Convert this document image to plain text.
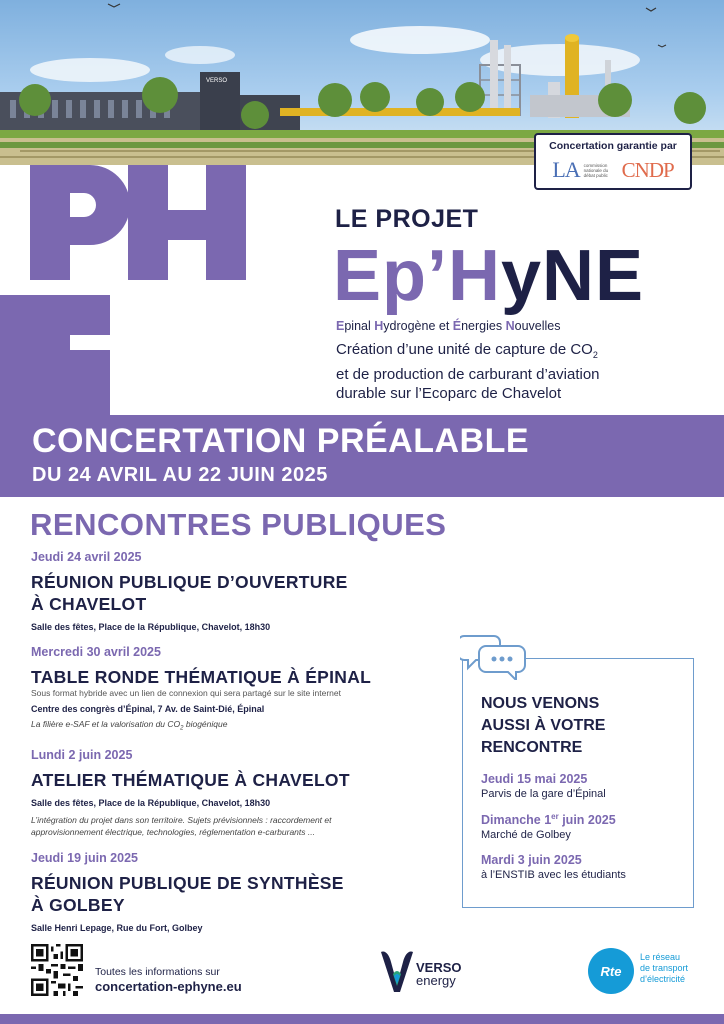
VERSO
Concertation garantie par
LA commission nationale du débat public CNDP
LE PROJET
Ep’HyNE
Epinal Hydrogène et Énergies Nouvelles
Création d’une unité de capture de $CO_2$
et de production de carburant d’aviation
durable sur l’Ecoparc de Chavelot
CONCERTATION PRÉALABLE
DU 24 AVRIL AU 22 JUIN 2025
RENCONTRES PUBLIQUES
Jeudi 24 avril 2025
RÉUNION PUBLIQUE D’OUVERTURE
À CHAVELOT
Salle des fêtes, Place de la République, Chavelot, 18h30
Mercredi 30 avril 2025
TABLE RONDE THÉMATIQUE À ÉPINAL
Sous format hybride avec un lien de connexion qui sera partagé sur le site internet
Centre des congrès d’Épinal, 7 Av. de Saint-Dié, Épinal
La filière e-SAF et la valorisation du $CO_2$ biogénique
Lundi 2 juin 2025
ATELIER THÉMATIQUE À CHAVELOT
Salle des fêtes, Place de la République, Chavelot, 18h30
L’intégration du projet dans son territoire. Sujets prévisionnels : raccordement et
approvisionnement électrique, technologies, réglementation e-carburants ...
Jeudi 19 juin 2025
RÉUNION PUBLIQUE DE SYNTHÈSE
À GOLBEY
Salle Henri Lepage, Rue du Fort, Golbey
NOUS VENONS
AUSSI À VOTRE
RENCONTRE
Jeudi 15 mai 2025
Parvis de la gare d’Épinal
Dimanche 1er juin 2025
Marché de Golbey
Mardi 3 juin 2025
à l’ENSTIB avec les étudiants
Toutes les informations sur
concertation-ephyne.eu
VERSO
energy
Rte
Le réseau
de transport
d’électricité
